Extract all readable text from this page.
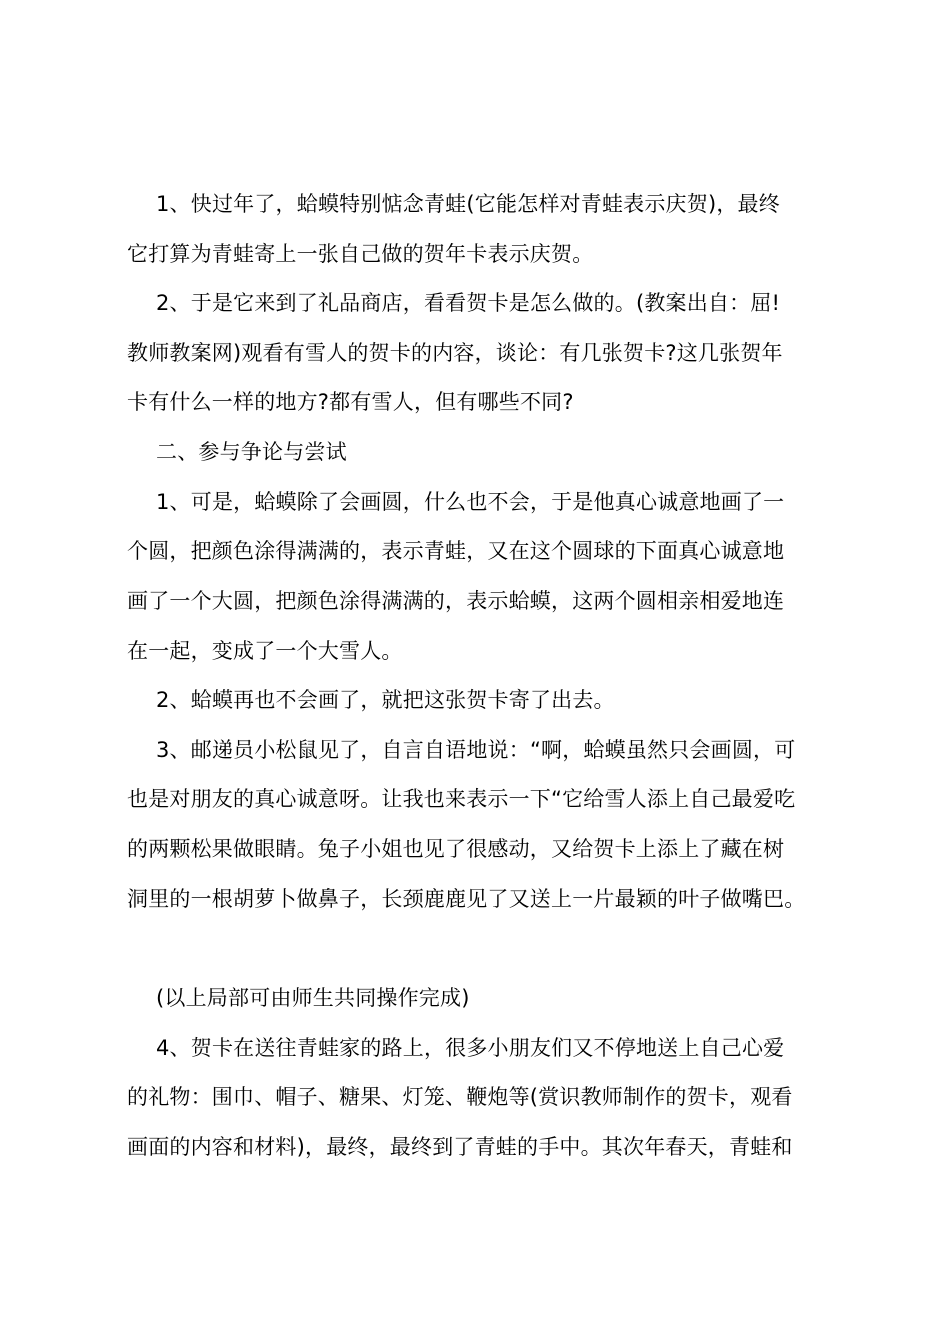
1、快过年了，蛤蟆特别惦念青蛙(它能怎样对青蛙表示庆贺)，最终
它打算为青蛙寄上一张自己做的贺年卡表示庆贺。
2、于是它来到了礼品商店，看看贺卡是怎么做的。(教案出自：屈!
教师教案网)观看有雪人的贺卡的内容，谈论：有几张贺卡?这几张贺年
卡有什么一样的地方?都有雪人，但有哪些不同?
二、参与争论与尝试
1、可是，蛤蟆除了会画圆，什么也不会，于是他真心诚意地画了一
个圆，把颜色涂得满满的，表示青蛙，又在这个圆球的下面真心诚意地
画了一个大圆，把颜色涂得满满的，表示蛤蟆，这两个圆相亲相爱地连
在一起，变成了一个大雪人。
2、蛤蟆再也不会画了，就把这张贺卡寄了出去。
3、邮递员小松鼠见了，自言自语地说：“啊，蛤蟆虽然只会画圆，可
也是对朋友的真心诚意呀。让我也来表示一下“它给雪人添上自己最爱吃
的两颗松果做眼睛。兔子小姐也见了很感动，又给贺卡上添上了藏在树
洞里的一根胡萝卜做鼻子，长颈鹿鹿见了又送上一片最颖的叶子做嘴巴。
(以上局部可由师生共同操作完成)
4、贺卡在送往青蛙家的路上，很多小朋友们又不停地送上自己心爱
的礼物：围巾、帽子、糖果、灯笼、鞭炮等(赏识教师制作的贺卡，观看
画面的内容和材料)，最终，最终到了青蛙的手中。其次年春天，青蛙和
